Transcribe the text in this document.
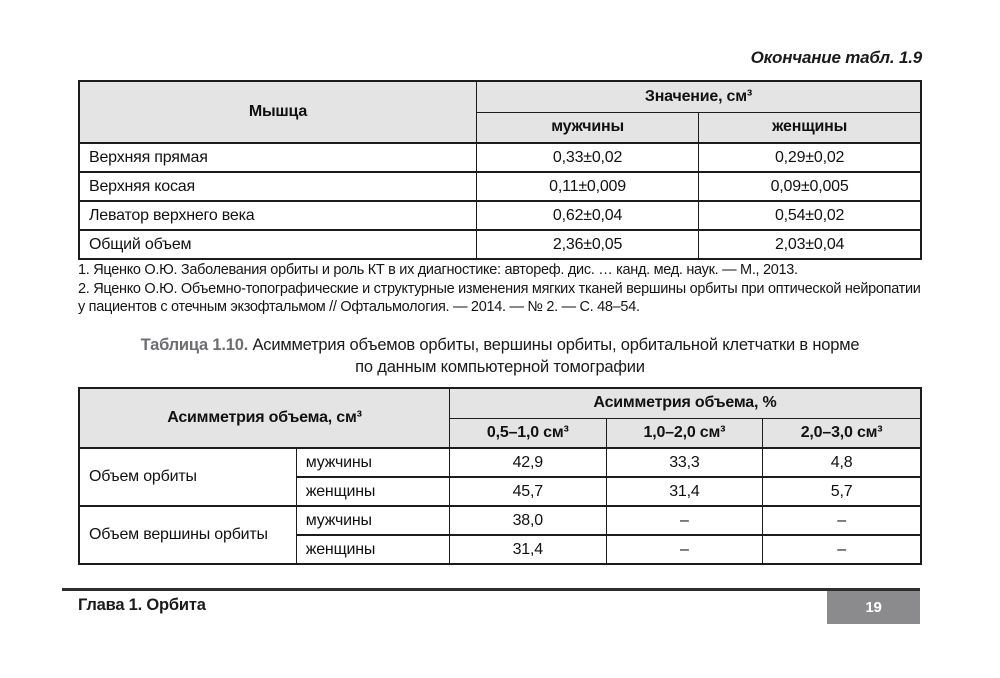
Окончание табл. 1.9
Мышца	Значение, см³	
	мужчины	женщины
Верхняя прямая	0,33±0,02	0,29±0,02
Верхняя косая	0,11±0,009	0,09±0,005
Леватор верхнего века	0,62±0,04	0,54±0,02
Общий объем	2,36±0,05	2,03±0,04

1. Яценко О.Ю. Заболевания орбиты и роль КТ в их диагностике: автореф. дис. … канд. мед. наук. — М., 2013.

2. Яценко О.Ю. Объемно-топографические и структурные изменения мягких тканей вершины орбиты при оптической нейропатии у пациентов с отечным экзофтальмом // Офтальмология. — 2014. — № 2. — С. 48–54.

Таблица 1.10. Асимметрия объемов орбиты, вершины орбиты, орбитальной клетчатки в норме
по данным компьютерной томографии
Асимметрия объема, см³		Асимметрия объема, %		
		0,5–1,0 см³	1,0–2,0 см³	2,0–3,0 см³
Объем орбиты	мужчины	42,9	33,3	4,8
	женщины	45,7	31,4	5,7
Объем вершины орбиты	мужчины	38,0	–	–
	женщины	31,4	–	–
Глава 1. Орбита	19
